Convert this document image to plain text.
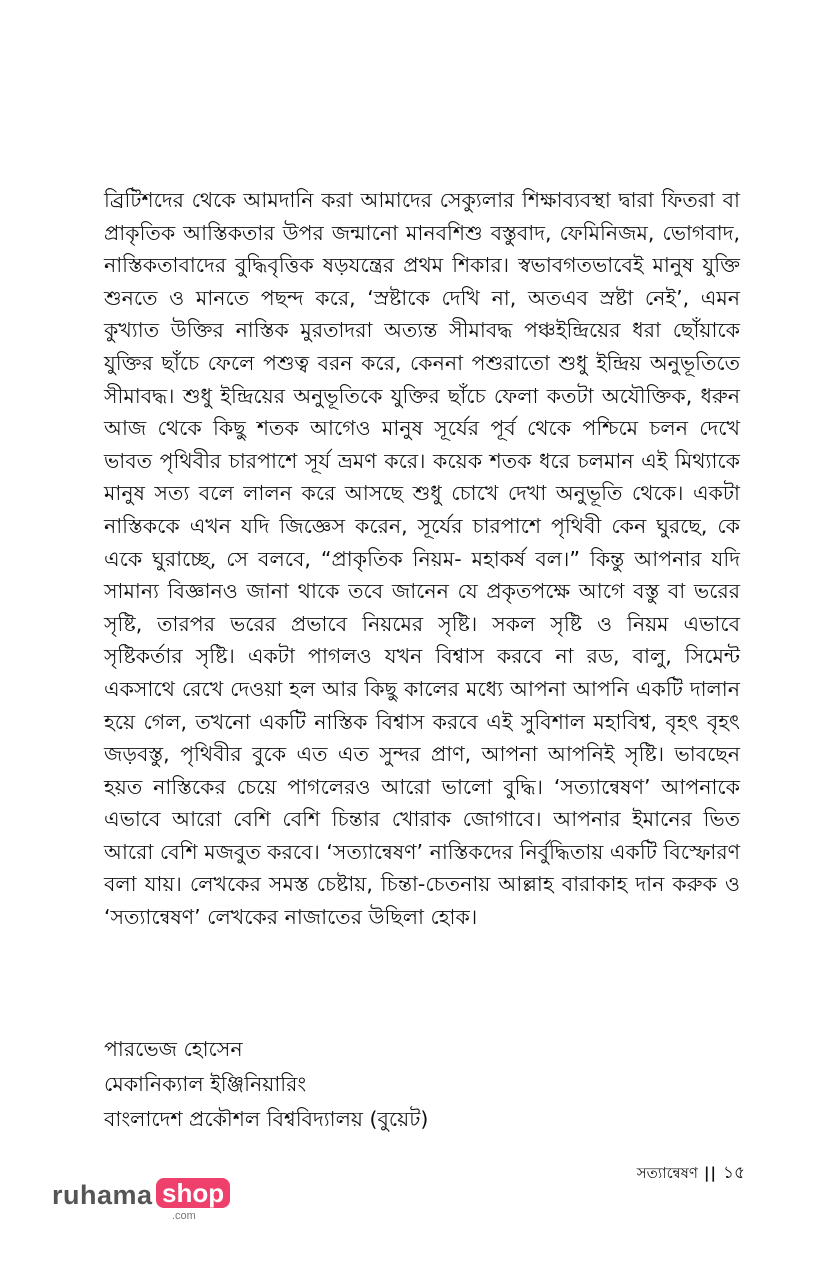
ব্রিটিশদের থেকে আমদানি করা আমাদের সেক্যুলার শিক্ষাব্যবস্থা দ্বারা ফিতরা বা প্রাকৃতিক আস্তিকতার উপর জন্মানো মানবশিশু বস্তুবাদ, ফেমিনিজম, ভোগবাদ, নাস্তিকতাবাদের বুদ্ধিবৃত্তিক ষড়যন্ত্রের প্রথম শিকার। স্বভাবগতভাবেই মানুষ যুক্তি শুনতে ও মানতে পছন্দ করে, ‘স্রষ্টাকে দেখি না, অতএব স্রষ্টা নেই’, এমন কুখ্যাত উক্তির নাস্তিক মুরতাদরা অত্যন্ত সীমাবদ্ধ পঞ্চইন্দ্রিয়ের ধরা ছোঁয়াকে যুক্তির ছাঁচে ফেলে পশুত্ব বরন করে, কেননা পশুরাতো শুধু ইন্দ্রিয় অনুভূতিতে সীমাবদ্ধ। শুধু ইন্দ্রিয়ের অনুভূতিকে যুক্তির ছাঁচে ফেলা কতটা অযৌক্তিক, ধরুন আজ থেকে কিছু শতক আগেও মানুষ সূর্যের পূর্ব থেকে পশ্চিমে চলন দেখে ভাবত পৃথিবীর চারপাশে সূর্য ভ্রমণ করে। কয়েক শতক ধরে চলমান এই মিথ্যাকে মানুষ সত্য বলে লালন করে আসছে শুধু চোখে দেখা অনুভূতি থেকে। একটা নাস্তিককে এখন যদি জিজ্ঞেস করেন, সূর্যের চারপাশে পৃথিবী কেন ঘুরছে, কে একে ঘুরাচ্ছে, সে বলবে, “প্রাকৃতিক নিয়ম- মহাকর্ষ বল।” কিন্তু আপনার যদি সামান্য বিজ্ঞানও জানা থাকে তবে জানেন যে প্রকৃতপক্ষে আগে বস্তু বা ভরের সৃষ্টি, তারপর ভরের প্রভাবে নিয়মের সৃষ্টি। সকল সৃষ্টি ও নিয়ম এভাবে সৃষ্টিকর্তার সৃষ্টি। একটা পাগলও যখন বিশ্বাস করবে না রড, বালু, সিমেন্ট একসাথে রেখে দেওয়া হল আর কিছু কালের মধ্যে আপনা আপনি একটি দালান হয়ে গেল, তখনো একটি নাস্তিক বিশ্বাস করবে এই সুবিশাল মহাবিশ্ব, বৃহৎ বৃহৎ জড়বস্তু, পৃথিবীর বুকে এত এত সুন্দর প্রাণ, আপনা আপনিই সৃষ্টি। ভাবছেন হয়ত নাস্তিকের চেয়ে পাগলেরও আরো ভালো বুদ্ধি। ‘সত্যান্বেষণ’ আপনাকে এভাবে আরো বেশি বেশি চিন্তার খোরাক জোগাবে। আপনার ইমানের ভিত আরো বেশি মজবুত করবে। ‘সত্যান্বেষণ’ নাস্তিকদের নির্বুদ্ধিতায় একটি বিস্ফোরণ বলা যায়। লেখকের সমস্ত চেষ্টায়, চিন্তা-চেতনায় আল্লাহ বারাকাহ দান করুক ও ‘সত্যান্বেষণ’ লেখকের নাজাতের উছিলা হোক।

পারভেজ হোসেন
মেকানিক্যাল ইঞ্জিনিয়ারিং
বাংলাদেশ প্রকৌশল বিশ্ববিদ্যালয় (বুয়েট)
সত্যান্বেষণ || ১৫
ruhama shop
.com
